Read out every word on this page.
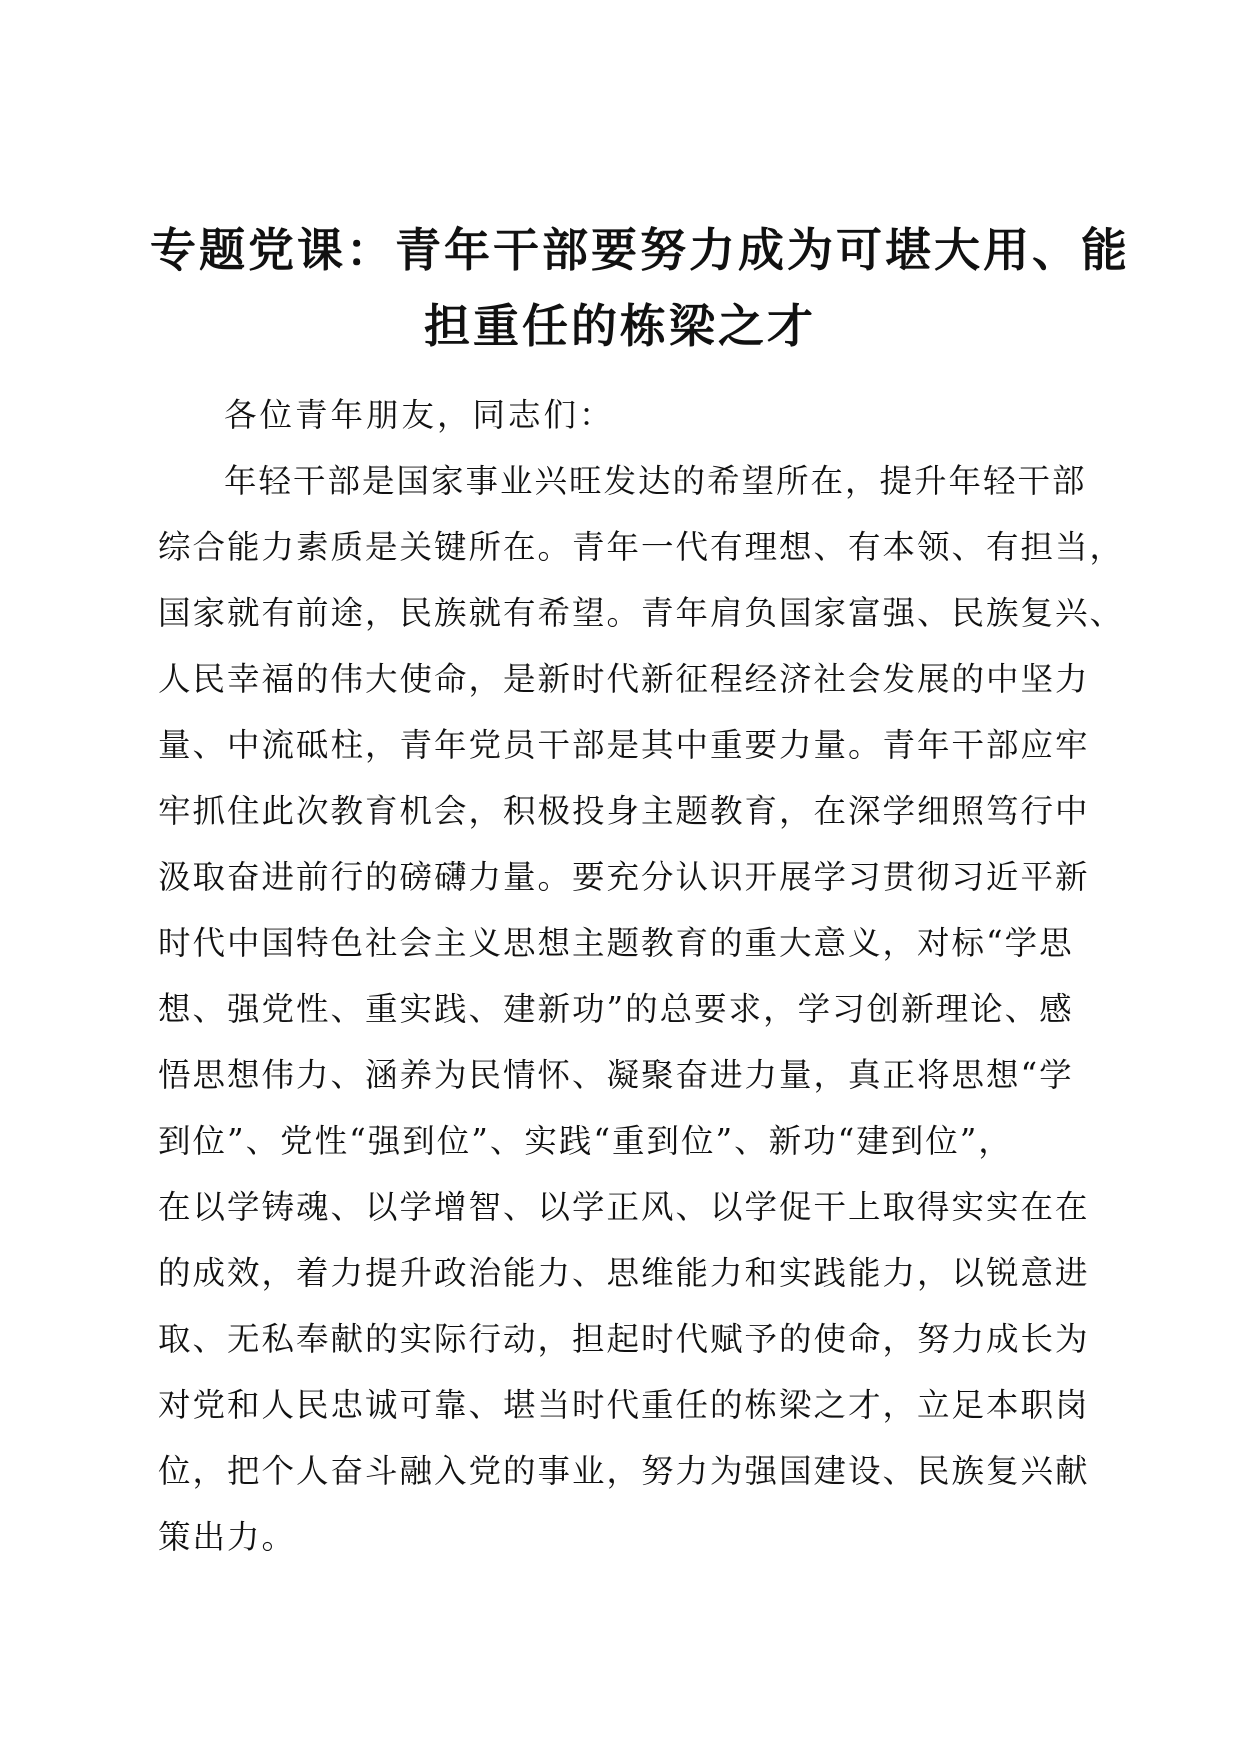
专题党课：青年干部要努力成为可堪大用、能
担重任的栋梁之才

各位青年朋友，同志们：

年轻干部是国家事业兴旺发达的希望所在，提升年轻干部
综合能力素质是关键所在。青年一代有理想、有本领、有担当，
国家就有前途，民族就有希望。青年肩负国家富强、民族复兴、
人民幸福的伟大使命，是新时代新征程经济社会发展的中坚力
量、中流砥柱，青年党员干部是其中重要力量。青年干部应牢
牢抓住此次教育机会，积极投身主题教育，在深学细照笃行中
汲取奋进前行的磅礴力量。要充分认识开展学习贯彻习近平新
时代中国特色社会主义思想主题教育的重大意义，对标“学思
想、强党性、重实践、建新功”的总要求，学习创新理论、感
悟思想伟力、涵养为民情怀、凝聚奋进力量，真正将思想“学
到位”、党性“强到位”、实践“重到位”、新功“建到位”，
在以学铸魂、以学增智、以学正风、以学促干上取得实实在在
的成效，着力提升政治能力、思维能力和实践能力，以锐意进
取、无私奉献的实际行动，担起时代赋予的使命，努力成长为
对党和人民忠诚可靠、堪当时代重任的栋梁之才，立足本职岗
位，把个人奋斗融入党的事业，努力为强国建设、民族复兴献
策出力。
